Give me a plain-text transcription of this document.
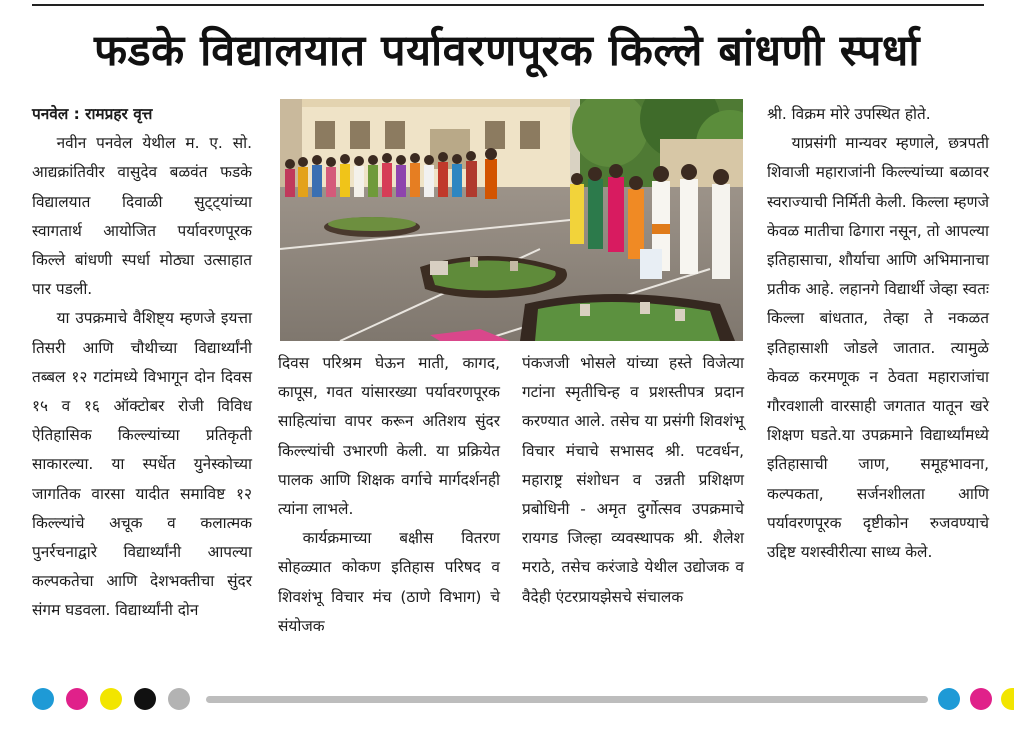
फडके विद्यालयात पर्यावरणपूरक किल्ले बांधणी स्पर्धा

पनवेल : रामप्रहर वृत्त

नवीन पनवेल येथील म. ए. सो. आद्यक्रांतिवीर वासुदेव बळवंत फडके विद्यालयात दिवाळी सुट्ट्यांच्या स्वागतार्थ आयोजित पर्यावरणपूरक किल्ले बांधणी स्पर्धा मोठ्या उत्साहात पार पडली.

या उपक्रमाचे वैशिष्ट्य म्हणजे इयत्ता तिसरी आणि चौथीच्या विद्यार्थ्यांनी तब्बल १२ गटांमध्ये विभागून दोन दिवस १५ व १६ ऑक्टोबर रोजी विविध ऐतिहासिक किल्ल्यांच्या प्रतिकृती साकारल्या. या स्पर्धेत युनेस्कोच्या जागतिक वारसा यादीत समाविष्ट १२ किल्ल्यांचे अचूक व कलात्मक पुनर्रचनाद्वारे विद्यार्थ्यांनी आपल्या कल्पकतेचा आणि देशभक्तीचा सुंदर संगम घडवला. विद्यार्थ्यांनी दोन

दिवस परिश्रम घेऊन माती, कागद, कापूस, गवत यांसारख्या पर्यावरणपूरक साहित्यांचा वापर करून अतिशय सुंदर किल्ल्यांची उभारणी केली. या प्रक्रियेत पालक आणि शिक्षक वर्गाचे मार्गदर्शनही त्यांना लाभले.

कार्यक्रमाच्या बक्षीस वितरण सोहळ्यात कोकण इतिहास परिषद व शिवशंभू विचार मंच (ठाणे विभाग) चे संयोजक

पंकजजी भोसले यांच्या हस्ते विजेत्या गटांना स्मृतीचिन्ह व प्रशस्तीपत्र प्रदान करण्यात आले. तसेच या प्रसंगी शिवशंभू विचार मंचाचे सभासद श्री. पटवर्धन, महाराष्ट्र संशोधन व उन्नती प्रशिक्षण प्रबोधिनी - अमृत दुर्गोत्सव उपक्रमाचे रायगड जिल्हा व्यवस्थापक श्री. शैलेश मराठे, तसेच करंजाडे येथील उद्योजक व वैदेही एंटरप्रायझेसचे संचालक

श्री. विक्रम मोरे उपस्थित होते.

याप्रसंगी मान्यवर म्हणाले, छत्रपती शिवाजी महाराजांनी किल्ल्यांच्या बळावर स्वराज्याची निर्मिती केली. किल्ला म्हणजे केवळ मातीचा ढिगारा नसून, तो आपल्या इतिहासाचा, शौर्याचा आणि अभिमानाचा प्रतीक आहे. लहानगे विद्यार्थी जेव्हा स्वतः किल्ला बांधतात, तेव्हा ते नकळत इतिहासाशी जोडले जातात. त्यामुळे केवळ करमणूक न ठेवता महाराजांचा गौरवशाली वारसाही जगतात यातून खरे शिक्षण घडते.या उपक्रमाने विद्यार्थ्यांमध्ये इतिहासाची जाण, समूहभावना, कल्पकता, सर्जनशीलता आणि पर्यावरणपूरक दृष्टीकोन रुजवण्याचे उद्दिष्ट यशस्वीरीत्या साध्य केले.
